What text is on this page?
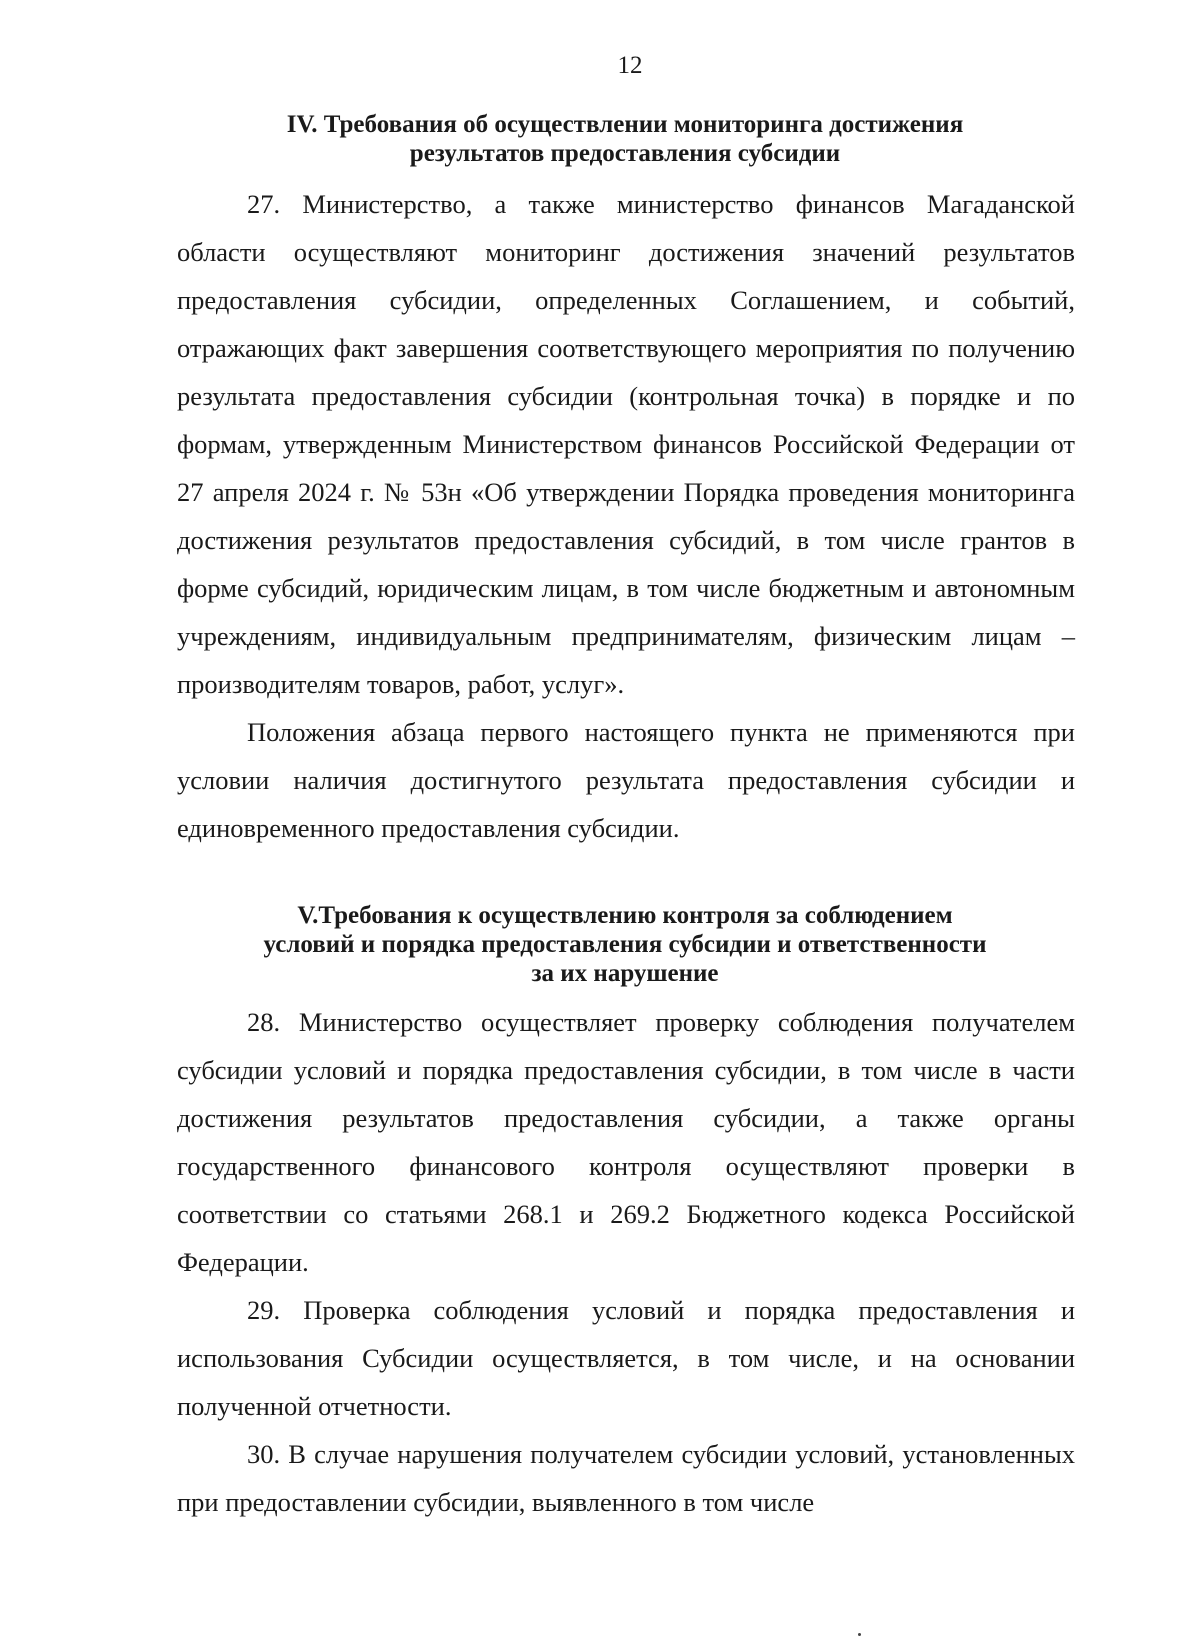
12
IV. Требования об осуществлении мониторинга достижения
результатов предоставления субсидии

27. Министерство, а также министерство финансов Магаданской области осуществляют мониторинг достижения значений результатов предоставления субсидии, определенных Соглашением, и событий, отражающих факт завершения соответствующего мероприятия по получению результата предоставления субсидии (контрольная точка) в порядке и по формам, утвержденным Министерством финансов Российской Федерации от 27 апреля 2024 г. № 53н «Об утверждении Порядка проведения мониторинга достижения результатов предоставления субсидий, в том числе грантов в форме субсидий, юридическим лицам, в том числе бюджетным и автономным учреждениям, индивидуальным предпринимателям, физическим лицам – производителям товаров, работ, услуг».

Положения абзаца первого настоящего пункта не применяются при условии наличия достигнутого результата предоставления субсидии и единовременного предоставления субсидии.

V.Требования к осуществлению контроля за соблюдением
условий и порядка предоставления субсидии и ответственности
за их нарушение

28. Министерство осуществляет проверку соблюдения получателем субсидии условий и порядка предоставления субсидии, в том числе в части достижения результатов предоставления субсидии, а также органы государственного финансового контроля осуществляют проверки в соответствии со статьями 268.1 и 269.2 Бюджетного кодекса Российской Федерации.

29. Проверка соблюдения условий и порядка предоставления и использования Субсидии осуществляется, в том числе, и на основании полученной отчетности.

30. В случае нарушения получателем субсидии условий, установленных при предоставлении субсидии, выявленного в том числе
